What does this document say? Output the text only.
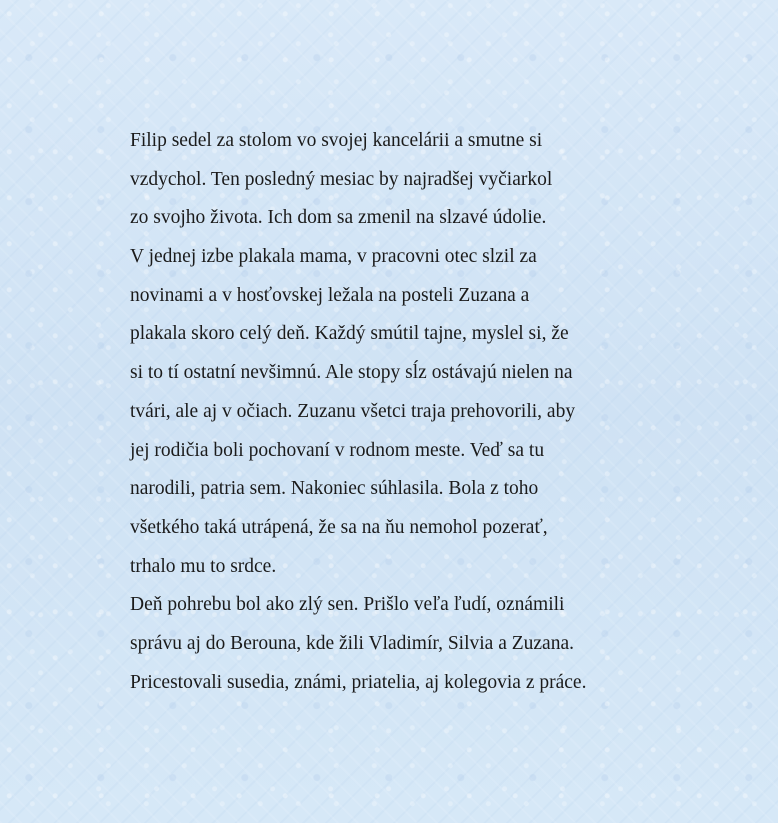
Filip sedel za stolom vo svojej kancelárii a smutne si
vzdychol. Ten posledný mesiac by najradšej vyčiarkol
zo svojho života. Ich dom sa zmenil na slzavé údolie.
V jednej izbe plakala mama, v pracovni otec slzil za
novinami a v hosťovskej ležala na posteli Zuzana a
plakala skoro celý deň. Každý smútil tajne, myslel si, že
si to tí ostatní nevšimnú. Ale stopy sĺz ostávajú nielen na
tvári, ale aj v očiach. Zuzanu všetci traja prehovorili, aby
jej rodičia boli pochovaní v rodnom meste. Veď sa tu
narodili, patria sem. Nakoniec súhlasila. Bola z toho
všetkého taká utrápená, že sa na ňu nemohol pozerať,
trhalo mu to srdce.
Deň pohrebu bol ako zlý sen. Prišlo veľa ľudí, oznámili
správu aj do Berouna, kde žili Vladimír, Silvia a Zuzana.
Pricestovali susedia, známi, priatelia, aj kolegovia z práce.
